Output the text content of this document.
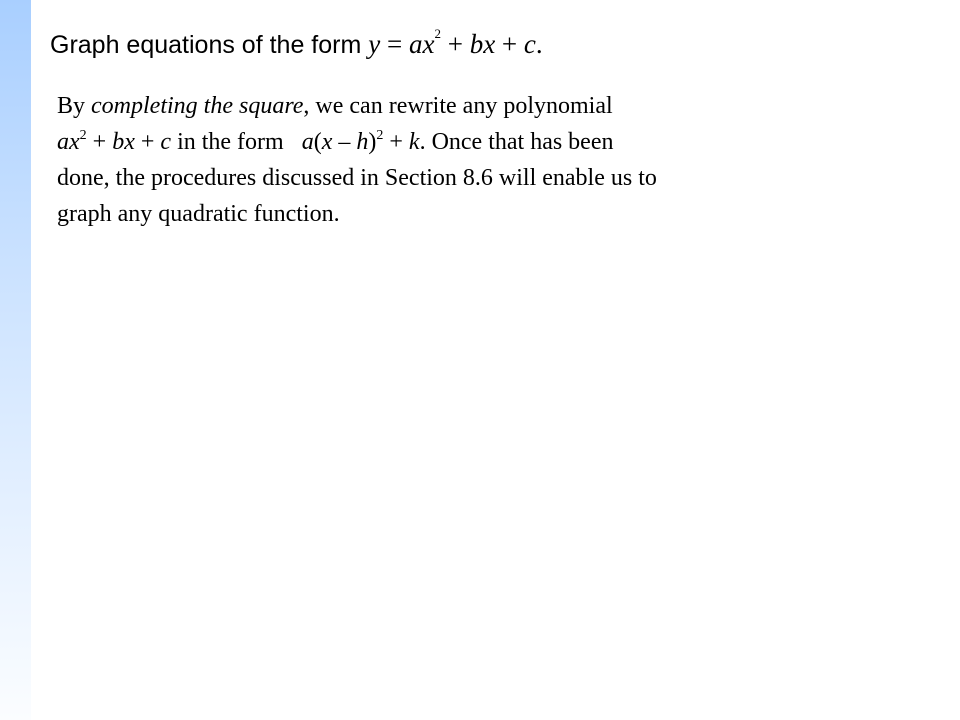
Graph equations of the form $y = ax^2$ + bx + c.

By completing the square, we can rewrite any polynomial
$ax^2$ + bx + c in the form a(x – h)$^2$ + k. Once that has been
done, the procedures discussed in Section 8.6 will enable us to
graph any quadratic function.
